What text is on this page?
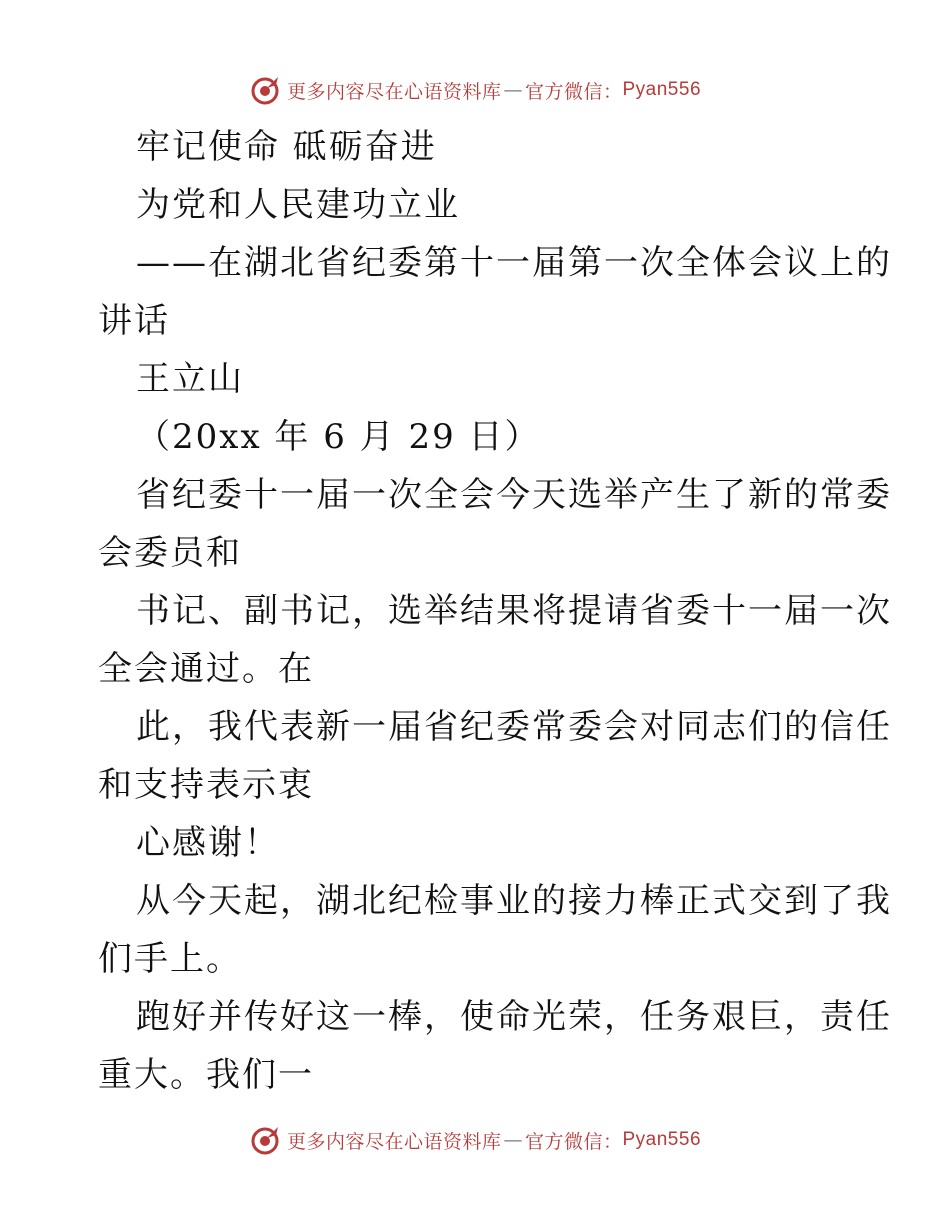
更多内容尽在心语资料库 — 官方微信： Pyan556
牢记使命 砥砺奋进
为党和人民建功立业
——在湖北省纪委第十一届第一次全体会议上的
讲话
王立山
（20xx 年 6 月 29 日）
省纪委十一届一次全会今天选举产生了新的常委
会委员和
书记、副书记，选举结果将提请省委十一届一次
全会通过。在
此，我代表新一届省纪委常委会对同志们的信任
和支持表示衷
心感谢！
从今天起，湖北纪检事业的接力棒正式交到了我
们手上。
跑好并传好这一棒，使命光荣，任务艰巨，责任
重大。我们一
更多内容尽在心语资料库 — 官方微信： Pyan556
